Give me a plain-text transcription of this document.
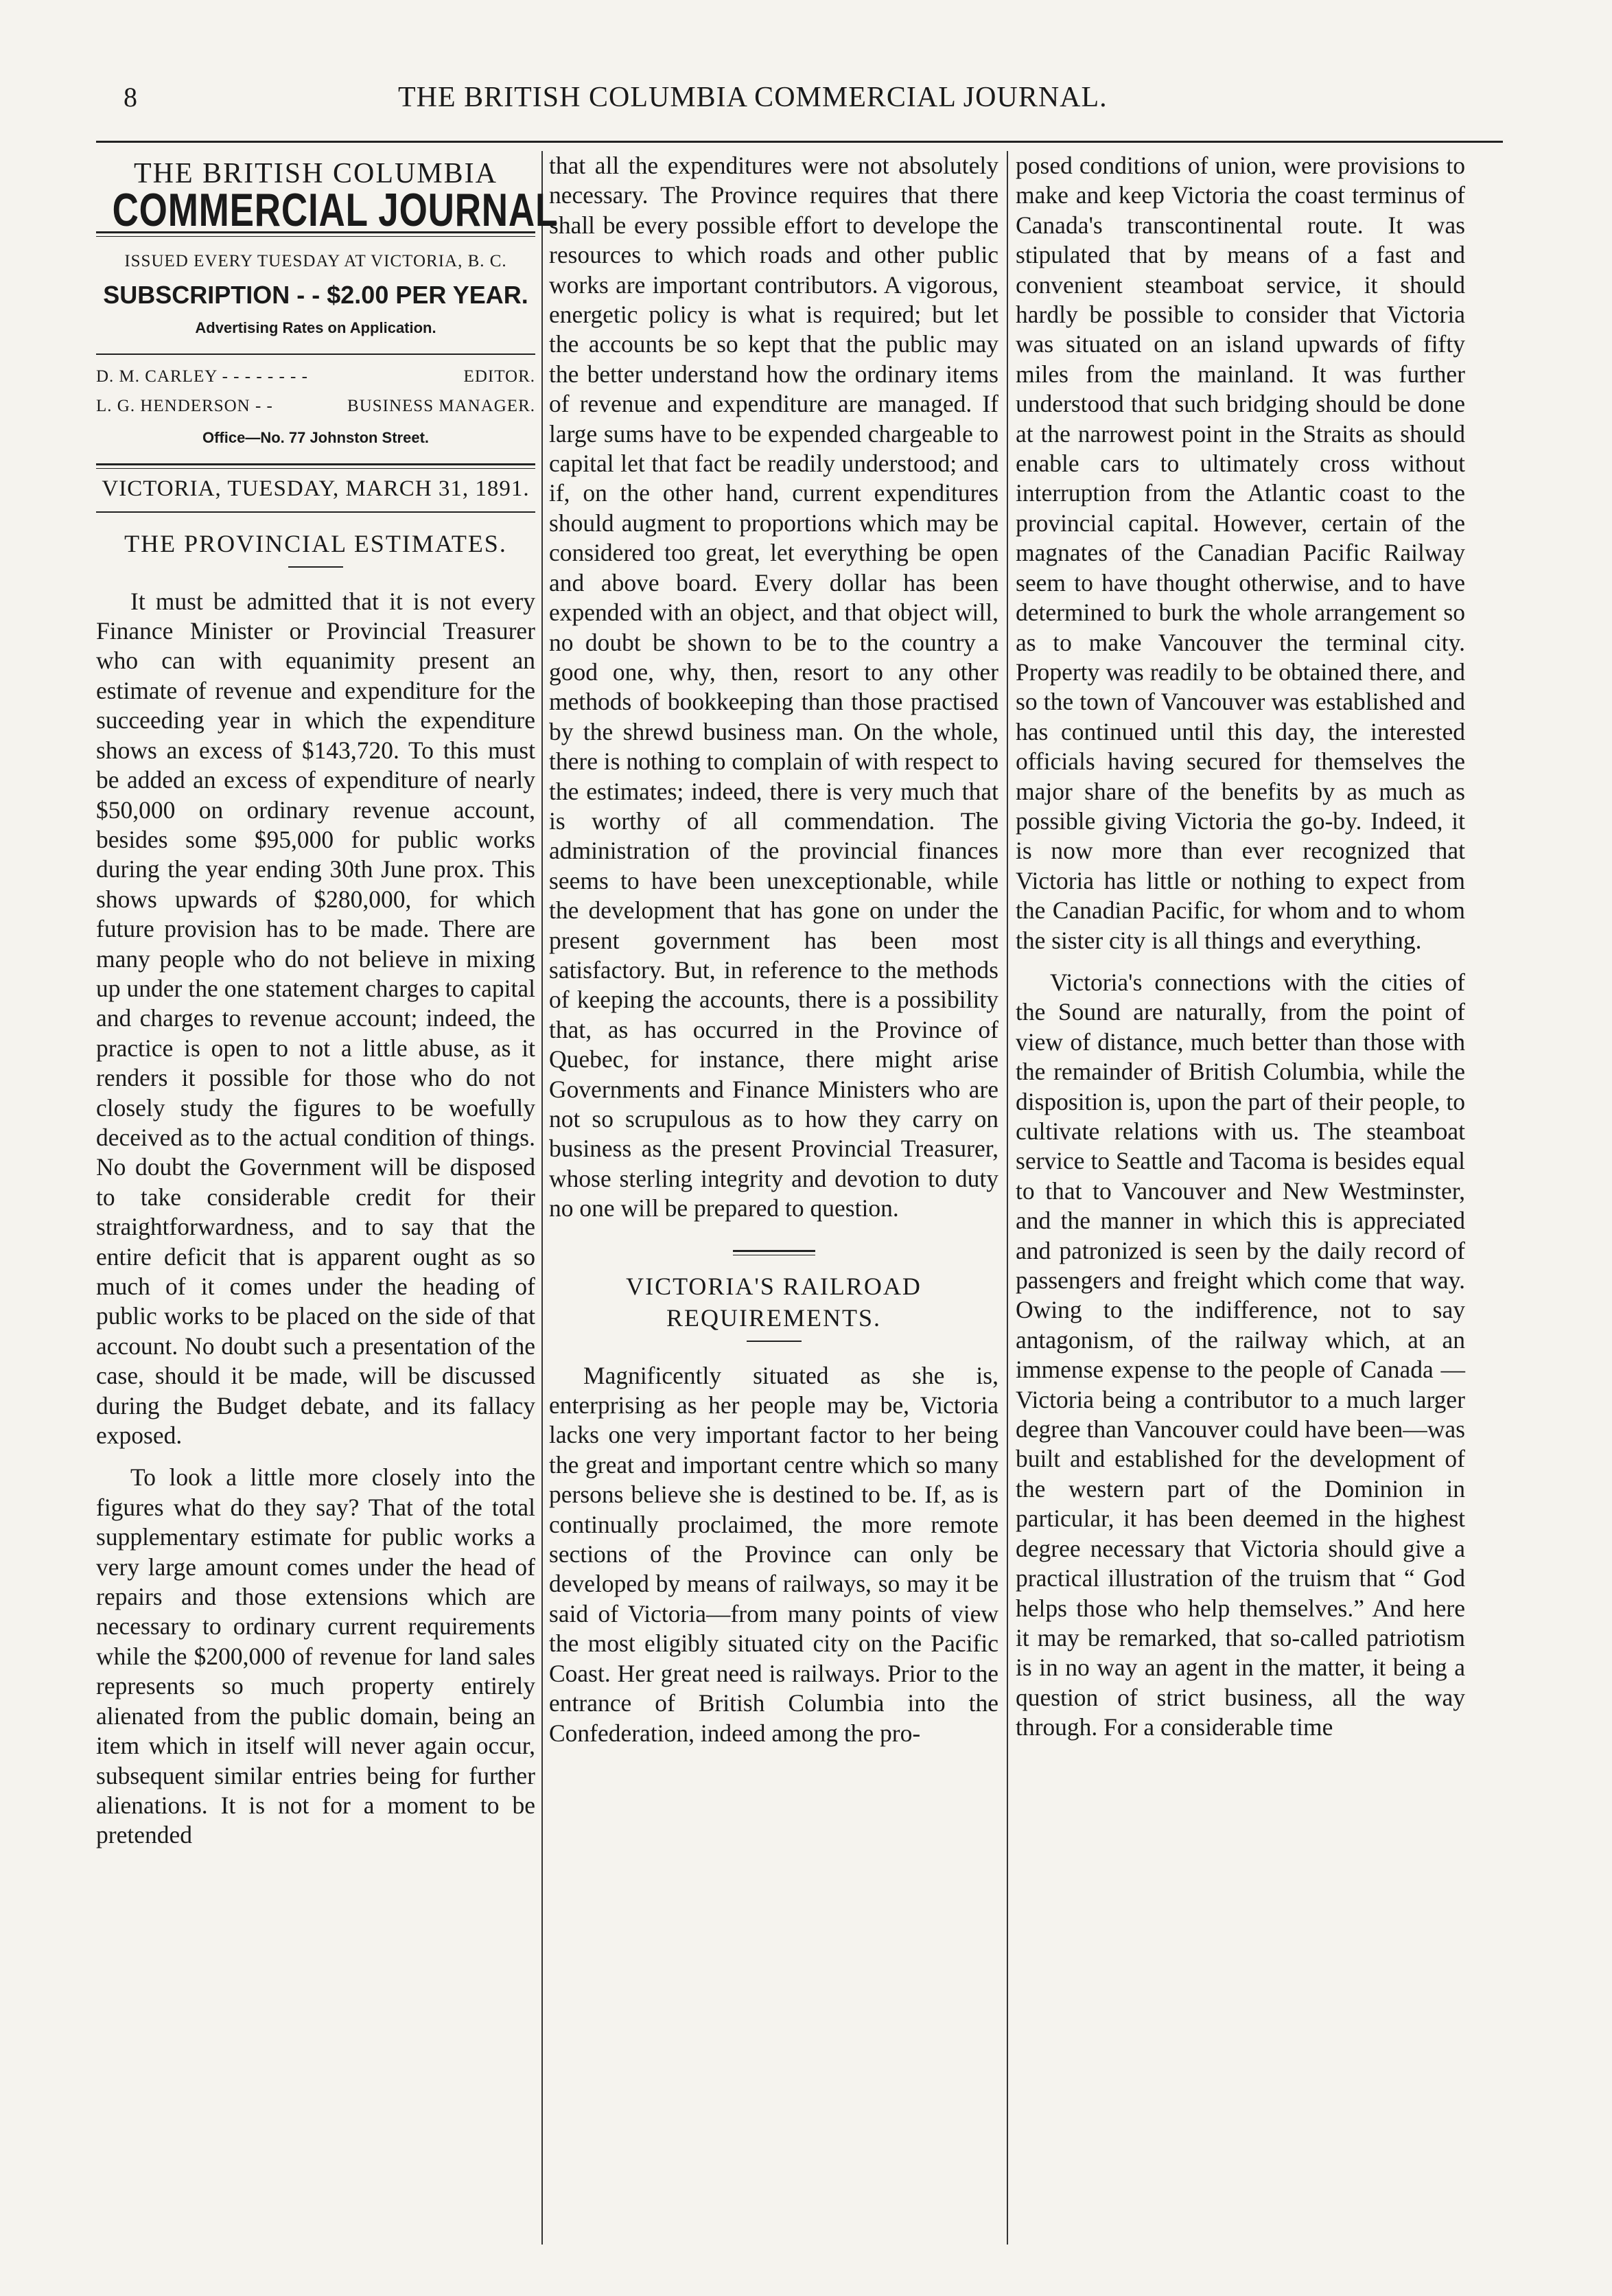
8	THE BRITISH COLUMBIA COMMERCIAL JOURNAL.
THE BRITISH COLUMBIA
COMMERCIAL JOURNAL
ISSUED EVERY TUESDAY AT VICTORIA, B. C.
SUBSCRIPTION - - $2.00 PER YEAR.
Advertising Rates on Application.
D. M. CARLEY - - - - - - - -	EDITOR.
L. G. HENDERSON - -	BUSINESS MANAGER.
Office—No. 77 Johnston Street.
VICTORIA, TUESDAY, MARCH 31, 1891.
THE PROVINCIAL ESTIMATES.

It must be admitted that it is not every Finance Minister or Provincial Treasurer who can with equanimity present an estimate of revenue and expenditure for the succeeding year in which the expenditure shows an excess of $143,720. To this must be added an excess of expenditure of nearly $50,000 on ordinary revenue account, besides some $95,000 for public works during the year ending 30th June prox. This shows upwards of $280,000, for which future provision has to be made. There are many people who do not believe in mixing up under the one statement charges to capital and charges to revenue account; indeed, the practice is open to not a little abuse, as it renders it possible for those who do not closely study the figures to be woefully deceived as to the actual condition of things. No doubt the Government will be disposed to take considerable credit for their straightforwardness, and to say that the entire deficit that is apparent ought as so much of it comes under the heading of public works to be placed on the side of that account. No doubt such a presentation of the case, should it be made, will be discussed during the Budget debate, and its fallacy exposed.

To look a little more closely into the figures what do they say? That of the total supplementary estimate for public works a very large amount comes under the head of repairs and those extensions which are necessary to ordinary current requirements while the $200,000 of revenue for land sales represents so much property entirely alienated from the public domain, being an item which in itself will never again occur, subsequent similar entries being for further alienations. It is not for a moment to be pretended

that all the expenditures were not absolutely necessary. The Province requires that there shall be every possible effort to develope the resources to which roads and other public works are important contributors. A vigorous, energetic policy is what is required; but let the accounts be so kept that the public may the better understand how the ordinary items of revenue and expenditure are managed. If large sums have to be expended chargeable to capital let that fact be readily understood; and if, on the other hand, current expenditures should augment to proportions which may be considered too great, let everything be open and above board. Every dollar has been expended with an object, and that object will, no doubt be shown to be to the country a good one, why, then, resort to any other methods of bookkeeping than those practised by the shrewd business man. On the whole, there is nothing to complain of with respect to the estimates; indeed, there is very much that is worthy of all commendation. The administration of the provincial finances seems to have been unexceptionable, while the development that has gone on under the present government has been most satisfactory. But, in reference to the methods of keeping the accounts, there is a possibility that, as has occurred in the Province of Quebec, for instance, there might arise Governments and Finance Ministers who are not so scrupulous as to how they carry on business as the present Provincial Treasurer, whose sterling integrity and devotion to duty no one will be prepared to question.

VICTORIA'S RAILROAD REQUIREMENTS.

Magnificently situated as she is, enterprising as her people may be, Victoria lacks one very important factor to her being the great and important centre which so many persons believe she is destined to be. If, as is continually proclaimed, the more remote sections of the Province can only be developed by means of railways, so may it be said of Victoria—from many points of view the most eligibly situated city on the Pacific Coast. Her great need is railways. Prior to the entrance of British Columbia into the Confederation, indeed among the pro-

posed conditions of union, were provisions to make and keep Victoria the coast terminus of Canada's transcontinental route. It was stipulated that by means of a fast and convenient steamboat service, it should hardly be possible to consider that Victoria was situated on an island upwards of fifty miles from the mainland. It was further understood that such bridging should be done at the narrowest point in the Straits as should enable cars to ultimately cross without interruption from the Atlantic coast to the provincial capital. However, certain of the magnates of the Canadian Pacific Railway seem to have thought otherwise, and to have determined to burk the whole arrangement so as to make Vancouver the terminal city. Property was readily to be obtained there, and so the town of Vancouver was established and has continued until this day, the interested officials having secured for themselves the major share of the benefits by as much as possible giving Victoria the go-by. Indeed, it is now more than ever recognized that Victoria has little or nothing to expect from the Canadian Pacific, for whom and to whom the sister city is all things and everything.

Victoria's connections with the cities of the Sound are naturally, from the point of view of distance, much better than those with the remainder of British Columbia, while the disposition is, upon the part of their people, to cultivate relations with us. The steamboat service to Seattle and Tacoma is besides equal to that to Vancouver and New Westminster, and the manner in which this is appreciated and patronized is seen by the daily record of passengers and freight which come that way. Owing to the indifference, not to say antagonism, of the railway which, at an immense expense to the people of Canada —Victoria being a contributor to a much larger degree than Vancouver could have been—was built and established for the development of the western part of the Dominion in particular, it has been deemed in the highest degree necessary that Victoria should give a practical illustration of the truism that “ God helps those who help themselves.” And here it may be remarked, that so-called patriotism is in no way an agent in the matter, it being a question of strict business, all the way through. For a considerable time
